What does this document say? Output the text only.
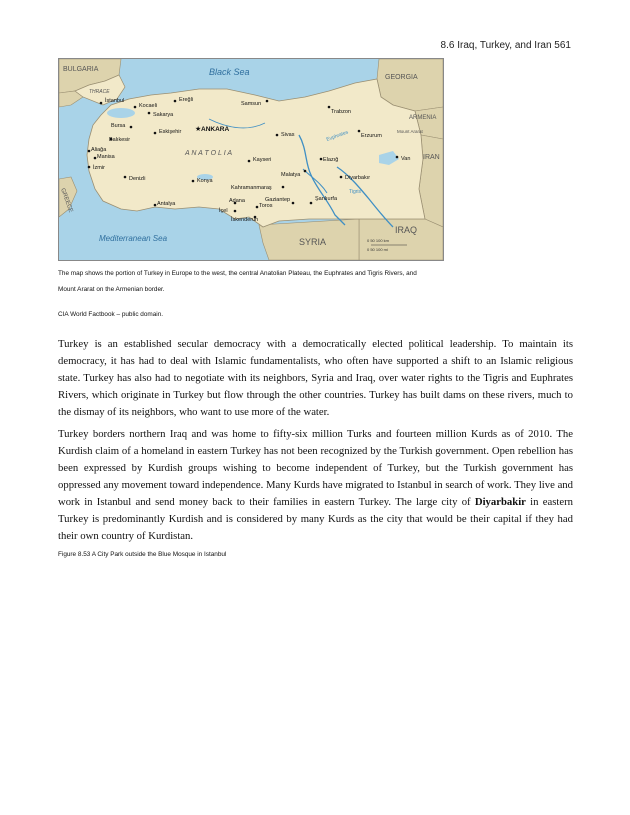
8.6 Iraq, Turkey, and Iran 561
BULGARIA
GEORGIA
ARMENIA
IRAN
IRAQ
SYRIA
GREECE
THRACE
Black Sea
Mediterranean Sea
A N A T O L I A
Euphrates
Tigris
Mount Ararat
İstanbul
Kocaeli
Ereğli
Sakarya
Samsun
Trabzon
Bursa
Eskişehir	ANKARA
★
Erzurum
Balıkesir
Sivas
Aliağa
Manisa
İzmir
Kayseri	Elazığ	Van
Malatya	Diyarbakır
Denizli	Konya
Kahramanmaraş
Adana	Gaziantep	Şanlıurfa
Antalya
İçel
Toros
İskenderun
0 50 100 km
0 50 100 mi
The map shows the portion of Turkey in Europe to the west, the central Anatolian Plateau, the Euphrates and Tigris Rivers, and
Mount Ararat on the Armenian border.
CIA World Factbook – public domain.

Turkey is an established secular democracy with a democratically elected political leadership. To maintain its democracy, it has had to deal with Islamic fundamentalists, who often have supported a shift to an Islamic religious state. Turkey has also had to negotiate with its neighbors, Syria and Iraq, over water rights to the Tigris and Euphrates Rivers, which originate in Turkey but flow through the other countries. Turkey has built dams on these rivers, much to the dismay of its neighbors, who want to use more of the water.

Turkey borders northern Iraq and was home to fifty-six million Turks and fourteen million Kurds as of 2010. The Kurdish claim of a homeland in eastern Turkey has not been recognized by the Turkish government. Open rebellion has been expressed by Kurdish groups wishing to become independent of Turkey, but the Turkish government has oppressed any movement toward independence. Many Kurds have migrated to Istanbul in search of work. They live and work in Istanbul and send money back to their families in eastern Turkey. The large city of Diyarbakir in eastern Turkey is predominantly Kurdish and is considered by many Kurds as the city that would be their capital if they had their own country of Kurdistan.

Figure 8.53 A City Park outside the Blue Mosque in Istanbul
